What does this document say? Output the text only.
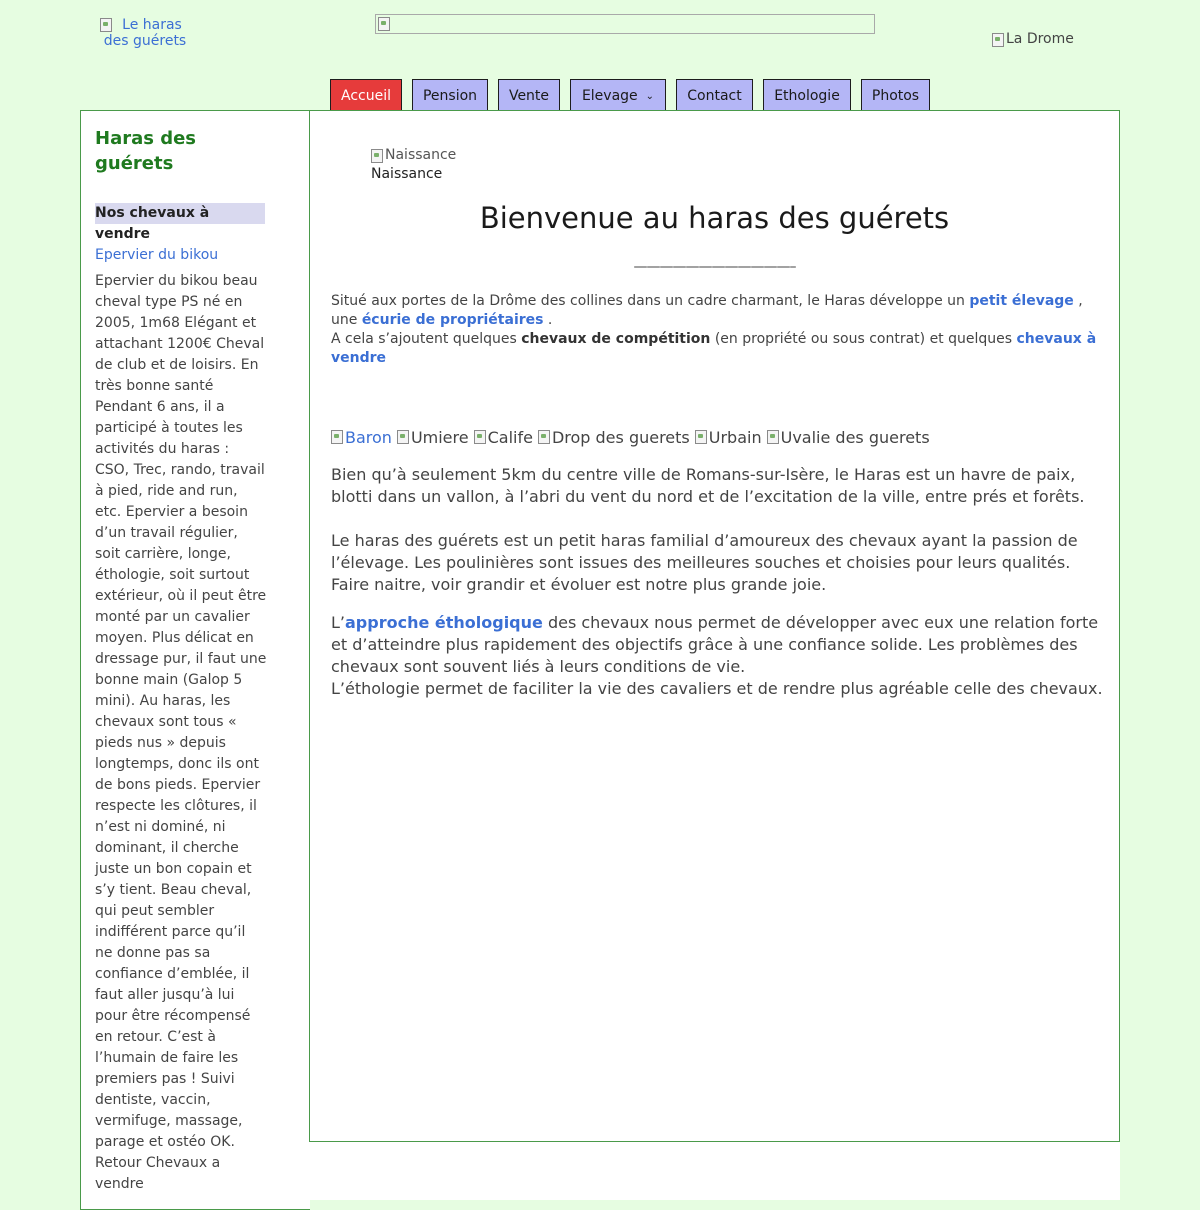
Le haras des guérets	La Drome
Accueil Pension Vente Elevage ⌄ Contact Ethologie Photos
Haras des guérets
Nos chevaux à vendre
Epervier du bikou

Epervier du bikou beau cheval type PS né en 2005, 1m68 Elégant et attachant 1200€ Cheval de club et de loisirs. En très bonne santé Pendant 6 ans, il a participé à toutes les activités du haras : CSO, Trec, rando, travail à pied, ride and run, etc. Epervier a besoin d’un travail régulier, soit carrière, longe, éthologie, soit surtout extérieur, où il peut être monté par un cavalier moyen. Plus délicat en dressage pur, il faut une bonne main (Galop 5 mini). Au haras, les chevaux sont tous « pieds nus » depuis longtemps, donc ils ont de bons pieds. Epervier respecte les clôtures, il n’est ni dominé, ni dominant, il cherche juste un bon copain et s’y tient. Beau cheval, qui peut sembler indifférent parce qu’il ne donne pas sa confiance d’emblée, il faut aller jusqu’à lui pour être récompensé en retour. C’est à l’humain de faire les premiers pas ! Suivi dentiste, vaccin, vermifuge, massage, parage et ostéo OK. Retour Chevaux a vendre

Naissance
Naissance
Bienvenue au haras des guérets
————————————–

Situé aux portes de la Drôme des collines dans un cadre charmant, le Haras développe un petit élevage , une écurie de propriétaires .
A cela s’ajoutent quelques chevaux de compétition (en propriété ou sous contrat) et quelques chevaux à vendre

Baron Umiere Calife Drop des guerets Urbain Uvalie des guerets

Bien qu’à seulement 5km du centre ville de Romans-sur-Isère, le Haras est un havre de paix, blotti dans un vallon, à l’abri du vent du nord et de l’excitation de la ville, entre prés et forêts.

Le haras des guérets est un petit haras familial d’amoureux des chevaux ayant la passion de l’élevage. Les poulinières sont issues des meilleures souches et choisies pour leurs qualités. Faire naitre, voir grandir et évoluer est notre plus grande joie.

L’approche éthologique des chevaux nous permet de développer avec eux une relation forte et d’atteindre plus rapidement des objectifs grâce à une confiance solide. Les problèmes des chevaux sont souvent liés à leurs conditions de vie.
L’éthologie permet de faciliter la vie des cavaliers et de rendre plus agréable celle des chevaux.
